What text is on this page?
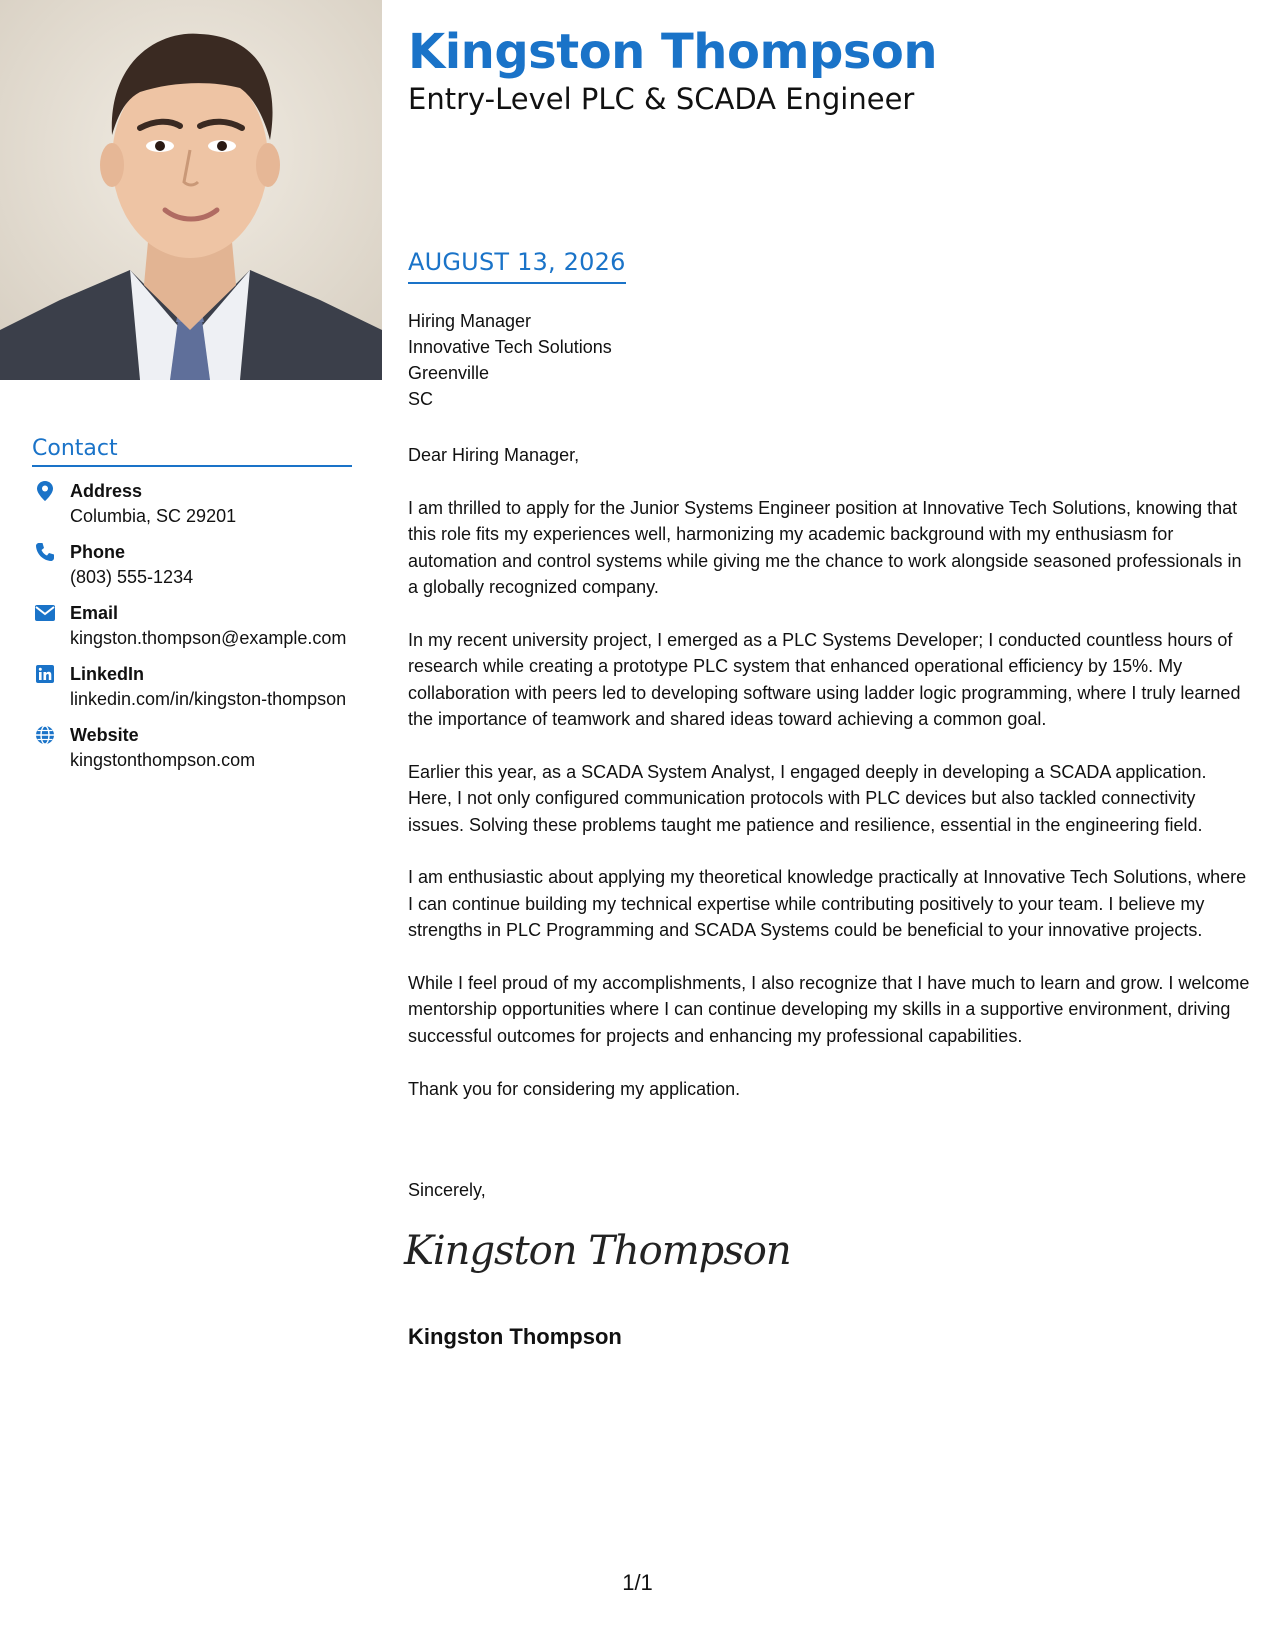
Kingston Thompson
Entry-Level PLC & SCADA Engineer
AUGUST 13, 2026
Hiring Manager
Innovative Tech Solutions
Greenville
SC

Dear Hiring Manager,

I am thrilled to apply for the Junior Systems Engineer position at Innovative Tech Solutions, knowing that this role fits my experiences well, harmonizing my academic background with my enthusiasm for automation and control systems while giving me the chance to work alongside seasoned professionals in a globally recognized company.

In my recent university project, I emerged as a PLC Systems Developer; I conducted countless hours of research while creating a prototype PLC system that enhanced operational efficiency by 15%. My collaboration with peers led to developing software using ladder logic programming, where I truly learned the importance of teamwork and shared ideas toward achieving a common goal.

Earlier this year, as a SCADA System Analyst, I engaged deeply in developing a SCADA application. Here, I not only configured communication protocols with PLC devices but also tackled connectivity issues. Solving these problems taught me patience and resilience, essential in the engineering field.

I am enthusiastic about applying my theoretical knowledge practically at Innovative Tech Solutions, where I can continue building my technical expertise while contributing positively to your team. I believe my strengths in PLC Programming and SCADA Systems could be beneficial to your innovative projects.

While I feel proud of my accomplishments, I also recognize that I have much to learn and grow. I welcome mentorship opportunities where I can continue developing my skills in a supportive environment, driving successful outcomes for projects and enhancing my professional capabilities.

Thank you for considering my application.

Sincerely,
Kingston Thompson
Kingston Thompson
Contact
Address
Columbia, SC 29201
Phone
(803) 555-1234
Email
kingston.thompson@example.com
LinkedIn
linkedin.com/in/kingston-thompson
Website
kingstonthompson.com
1/1
